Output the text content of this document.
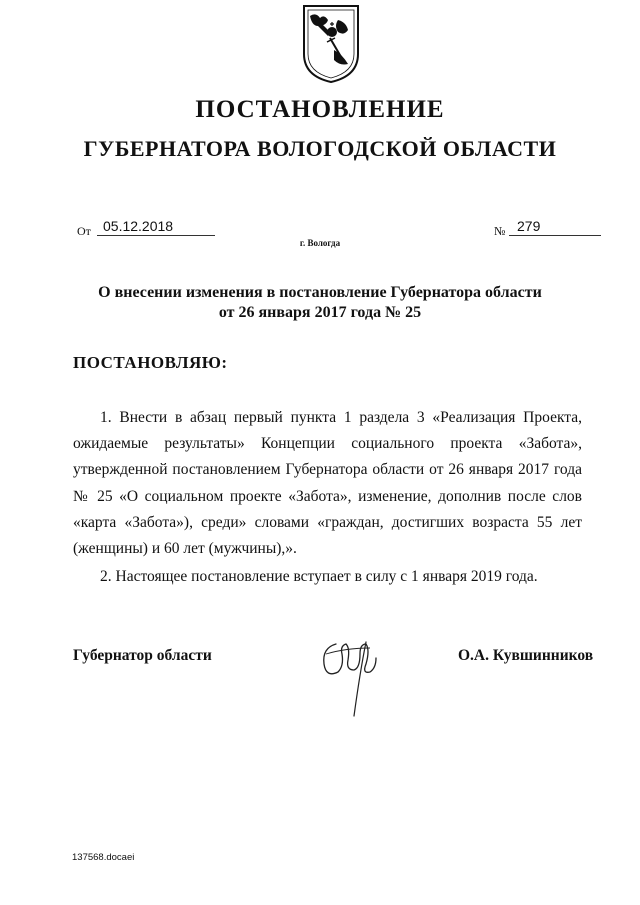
ПОСТАНОВЛЕНИЕ
ГУБЕРНАТОРА ВОЛОГОДСКОЙ ОБЛАСТИ
От 05.12.2018	№ 279
г. Вологда
О внесении изменения в постановление Губернатора области
от 26 января 2017 года № 25
ПОСТАНОВЛЯЮ:

1. Внести в абзац первый пункта 1 раздела 3 «Реализация Проекта, ожидаемые результаты» Концепции социального проекта «Забота», утвержденной постановлением Губернатора области от 26 января 2017 года № 25 «О социальном проекте «Забота», изменение, дополнив после слов «карта «Забота»), среди» словами «граждан, достигших возраста 55 лет (женщины) и 60 лет (мужчины),».

2. Настоящее постановление вступает в силу с 1 января 2019 года.

Губернатор области	О.А. Кувшинников
137568.docaei
